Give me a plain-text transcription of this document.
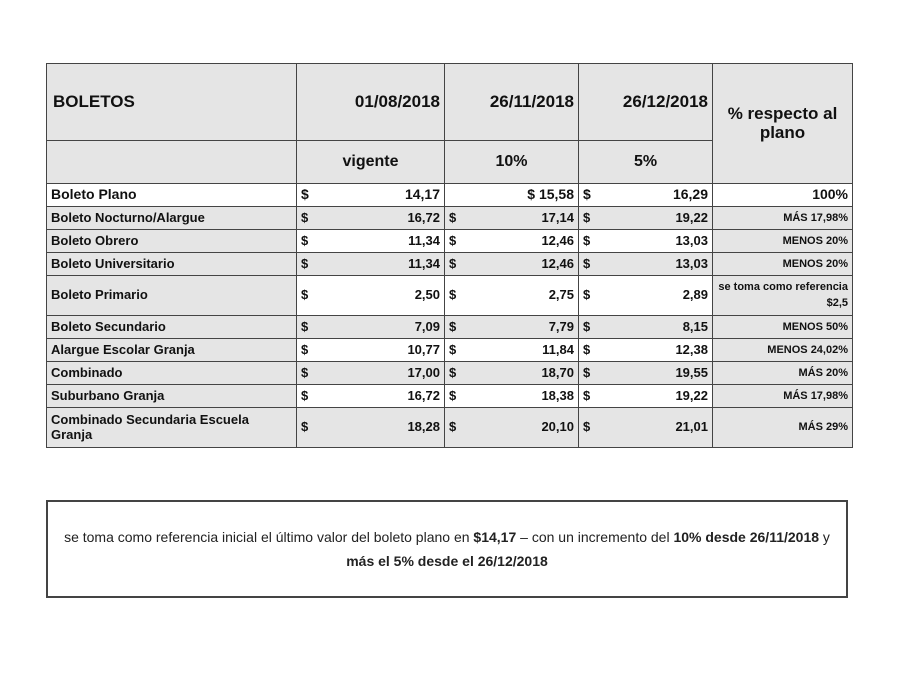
BOLETOS	01/08/2018		26/11/2018		26/12/2018		% respecto al plano
	vigente		10%		5%		
Boleto Plano	$	14,17	$ 15,58		$	16,29	100%
Boleto Nocturno/Alargue	$	16,72	$	17,14	$	19,22	MÁS 17,98%
Boleto Obrero	$	11,34	$	12,46	$	13,03	MENOS 20%
Boleto Universitario	$	11,34	$	12,46	$	13,03	MENOS 20%
Boleto Primario	$	2,50	$	2,75	$	2,89	se toma como referencia $2,5
Boleto Secundario	$	7,09	$	7,79	$	8,15	MENOS 50%
Alargue Escolar Granja	$	10,77	$	11,84	$	12,38	MENOS 24,02%
Combinado	$	17,00	$	18,70	$	19,55	MÁS 20%
Suburbano Granja	$	16,72	$	18,38	$	19,22	MÁS 17,98%
Combinado Secundaria Escuela Granja	$	18,28	$	20,10	$	21,01	MÁS 29%
se toma como referencia inicial el último valor del boleto plano en $14,17 – con un incremento del 10% desde 26/11/2018 y más el 5% desde el 26/12/2018
